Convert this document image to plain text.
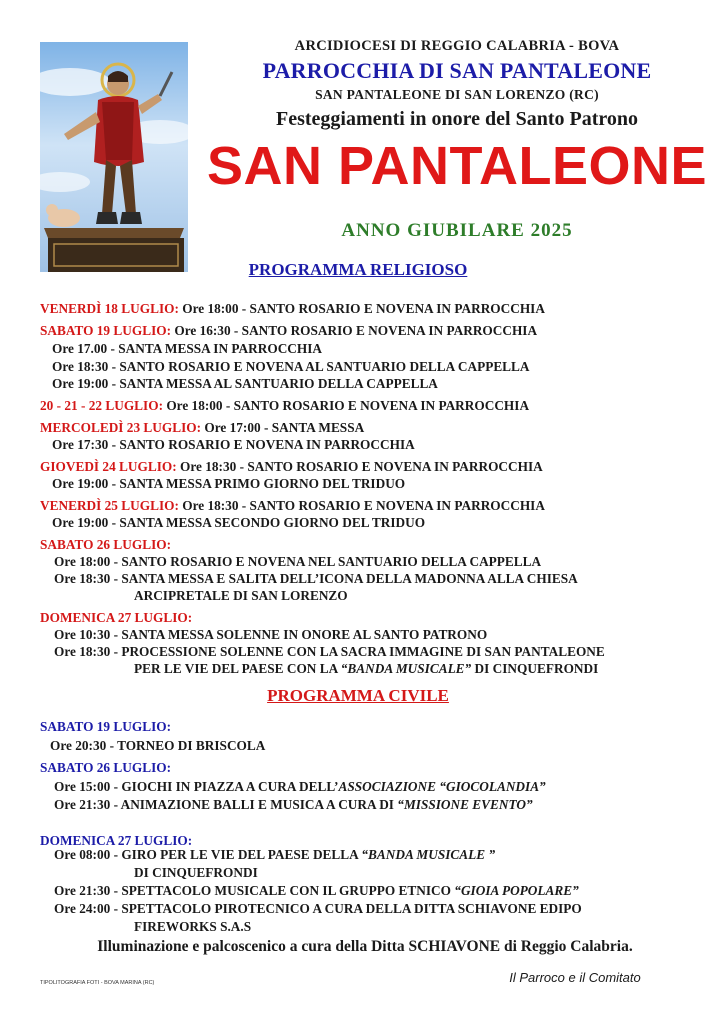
ARCIDIOCESI DI REGGIO CALABRIA - BOVA
PARROCCHIA DI SAN PANTALEONE
SAN PANTALEONE DI SAN LORENZO (RC)
Festeggiamenti in onore del Santo Patrono
SAN PANTALEONE
ANNO GIUBILARE 2025
PROGRAMMA RELIGIOSO
VENERDÌ 18 LUGLIO: Ore 18:00 - SANTO ROSARIO E NOVENA IN PARROCCHIA
SABATO 19 LUGLIO: Ore 16:30 - SANTO ROSARIO E NOVENA IN PARROCCHIA
Ore 17.00 - SANTA MESSA IN PARROCCHIA
Ore 18:30 - SANTO ROSARIO E NOVENA AL SANTUARIO DELLA CAPPELLA
Ore 19:00 - SANTA MESSA AL SANTUARIO DELLA CAPPELLA
20 - 21 - 22 LUGLIO: Ore 18:00 - SANTO ROSARIO E NOVENA IN PARROCCHIA
MERCOLEDÌ 23 LUGLIO: Ore 17:00 - SANTA MESSA
Ore 17:30 - SANTO ROSARIO E NOVENA IN PARROCCHIA
GIOVEDÌ 24 LUGLIO: Ore 18:30 - SANTO ROSARIO E NOVENA IN PARROCCHIA
Ore 19:00 - SANTA MESSA PRIMO GIORNO DEL TRIDUO
VENERDÌ 25 LUGLIO: Ore 18:30 - SANTO ROSARIO E NOVENA IN PARROCCHIA
Ore 19:00 - SANTA MESSA SECONDO GIORNO DEL TRIDUO
SABATO 26 LUGLIO:
Ore 18:00 - SANTO ROSARIO E NOVENA NEL SANTUARIO DELLA CAPPELLA
Ore 18:30 - SANTA MESSA E SALITA DELL’ICONA DELLA MADONNA ALLA CHIESA
ARCIPRETALE DI SAN LORENZO
DOMENICA 27 LUGLIO:
Ore 10:30 - SANTA MESSA SOLENNE IN ONORE AL SANTO PATRONO
Ore 18:30 - PROCESSIONE SOLENNE CON LA SACRA IMMAGINE DI SAN PANTALEONE
PER LE VIE DEL PAESE CON LA “BANDA MUSICALE” DI CINQUEFRONDI
PROGRAMMA CIVILE
SABATO 19 LUGLIO:
Ore 20:30 - TORNEO DI BRISCOLA
SABATO 26 LUGLIO:
Ore 15:00 - GIOCHI IN PIAZZA A CURA DELL’ASSOCIAZIONE “GIOCOLANDIA”
Ore 21:30 - ANIMAZIONE BALLI E MUSICA A CURA DI “MISSIONE EVENTO”
DOMENICA 27 LUGLIO:
Ore 08:00 - GIRO PER LE VIE DEL PAESE DELLA “BANDA MUSICALE ”
DI CINQUEFRONDI
Ore 21:30 - SPETTACOLO MUSICALE CON IL GRUPPO ETNICO “GIOIA POPOLARE”
Ore 24:00 - SPETTACOLO PIROTECNICO A CURA DELLA DITTA SCHIAVONE EDIPO
FIREWORKS S.A.S
Illuminazione e palcoscenico a cura della Ditta SCHIAVONE di Reggio Calabria.
Il Parroco e il Comitato
TIPOLITOGRAFIA FOTI - BOVA MARINA (RC)
